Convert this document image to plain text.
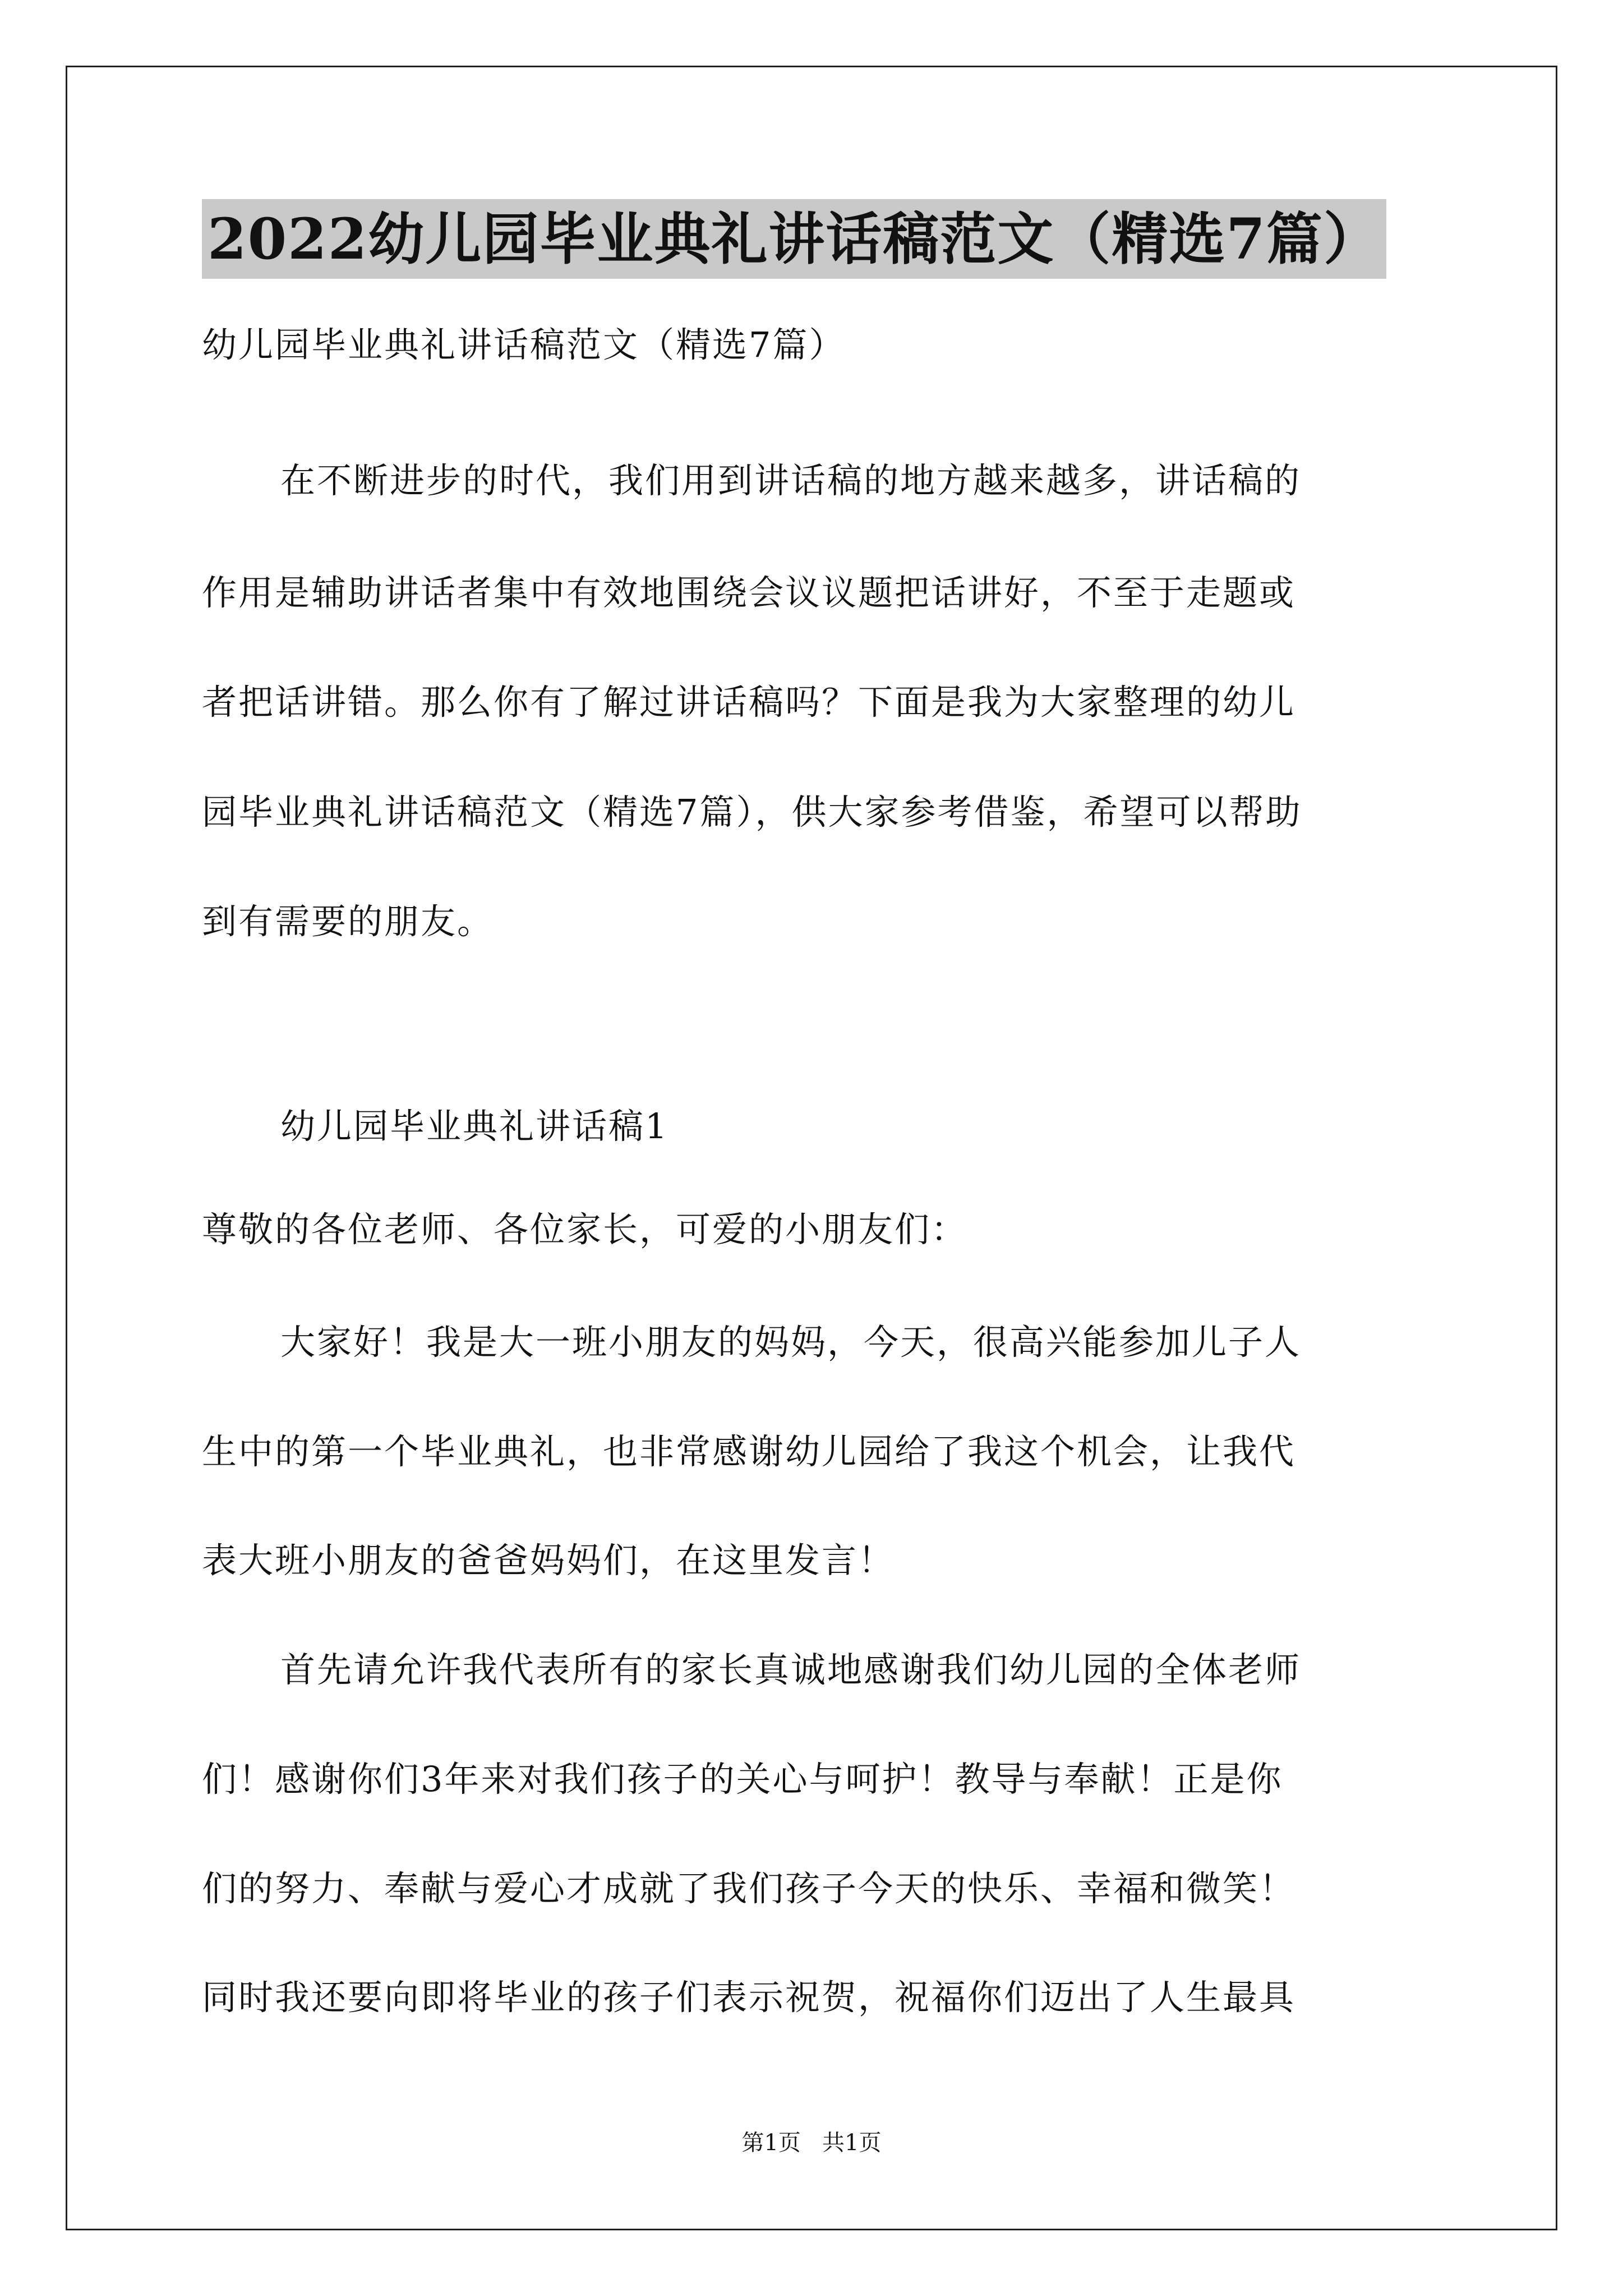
2022幼儿园毕业典礼讲话稿范文（精选7篇）
幼儿园毕业典礼讲话稿范文（精选7篇）
在不断进步的时代，我们用到讲话稿的地方越来越多，讲话稿的
作用是辅助讲话者集中有效地围绕会议议题把话讲好，不至于走题或
者把话讲错。那么你有了解过讲话稿吗？下面是我为大家整理的幼儿
园毕业典礼讲话稿范文（精选7篇），供大家参考借鉴，希望可以帮助
到有需要的朋友。
幼儿园毕业典礼讲话稿1
尊敬的各位老师、各位家长，可爱的小朋友们：
大家好！我是大一班小朋友的妈妈，今天，很高兴能参加儿子人
生中的第一个毕业典礼，也非常感谢幼儿园给了我这个机会，让我代
表大班小朋友的爸爸妈妈们，在这里发言！
首先请允许我代表所有的家长真诚地感谢我们幼儿园的全体老师
们！感谢你们3年来对我们孩子的关心与呵护！教导与奉献！正是你
们的努力、奉献与爱心才成就了我们孩子今天的快乐、幸福和微笑！
同时我还要向即将毕业的孩子们表示祝贺，祝福你们迈出了人生最具
第1页   共1页
